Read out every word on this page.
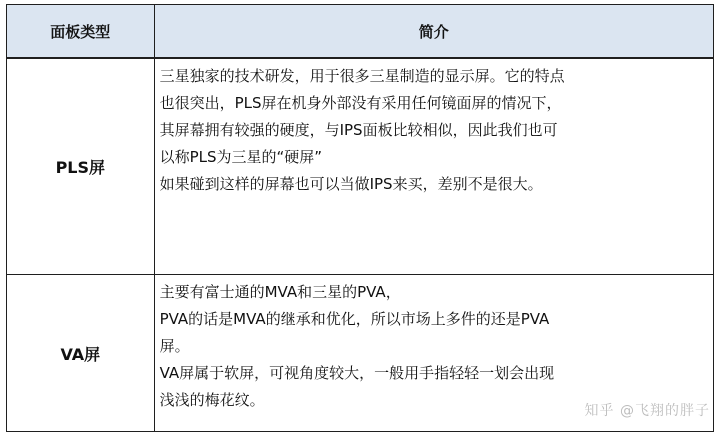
面板类型	简介
PLS屏
三星独家的技术研发，用于很多三星制造的显示屏。它的特点
也很突出，PLS屏在机身外部没有采用任何镜面屏的情况下，
其屏幕拥有较强的硬度，与IPS面板比较相似，因此我们也可
以称PLS为三星的“硬屏”
如果碰到这样的屏幕也可以当做IPS来买，差别不是很大。
VA屏
主要有富士通的MVA和三星的PVA，
PVA的话是MVA的继承和优化，所以市场上多件的还是PVA
屏。
VA屏属于软屏，可视角度较大，一般用手指轻轻一划会出现
浅浅的梅花纹。
知乎 @飞翔的胖子
